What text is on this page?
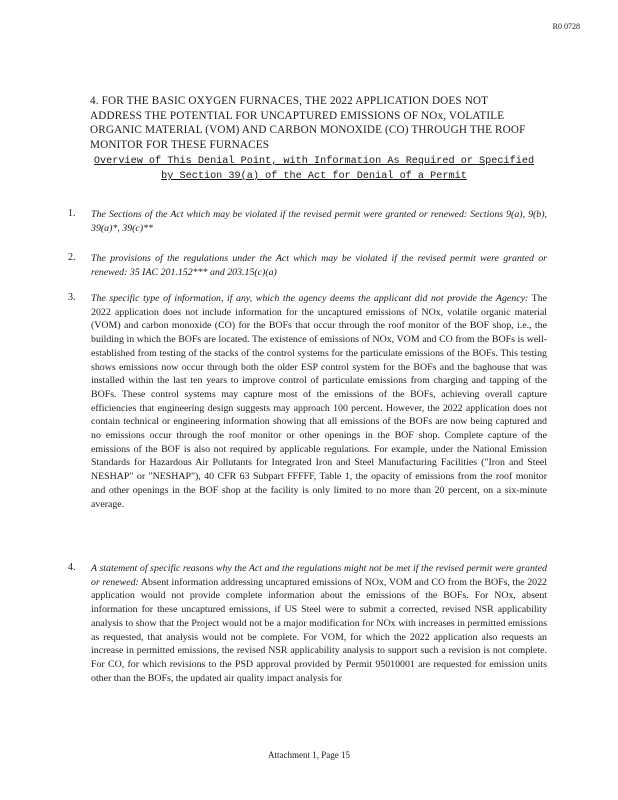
R0 0728
4. FOR THE BASIC OXYGEN FURNACES, THE 2022 APPLICATION DOES NOT ADDRESS THE POTENTIAL FOR UNCAPTURED EMISSIONS OF NOx, VOLATILE ORGANIC MATERIAL (VOM) AND CARBON MONOXIDE (CO) THROUGH THE ROOF MONITOR FOR THESE FURNACES
Overview of This Denial Point, with Information As Required or Specified by Section 39(a) of the Act for Denial of a Permit
1. The Sections of the Act which may be violated if the revised permit were granted or renewed: Sections 9(a), 9(b), 39(a)*, 39(c)**
2. The provisions of the regulations under the Act which may be violated if the revised permit were granted or renewed: 35 IAC 201.152*** and 203.15(c)(a)
3. The specific type of information, if any, which the agency deems the applicant did not provide the Agency: The 2022 application does not include information for the uncaptured emissions of NOx, volatile organic material (VOM) and carbon monoxide (CO) for the BOFs that occur through the roof monitor of the BOF shop, i.e., the building in which the BOFs are located. The existence of emissions of NOx, VOM and CO from the BOFs is well-established from testing of the stacks of the control systems for the particulate emissions of the BOFs. This testing shows emissions now occur through both the older ESP control system for the BOFs and the baghouse that was installed within the last ten years to improve control of particulate emissions from charging and tapping of the BOFs. These control systems may capture most of the emissions of the BOFs, achieving overall capture efficiencies that engineering design suggests may approach 100 percent. However, the 2022 application does not contain technical or engineering information showing that all emissions of the BOFs are now being captured and no emissions occur through the roof monitor or other openings in the BOF shop. Complete capture of the emissions of the BOF is also not required by applicable regulations. For example, under the National Emission Standards for Hazardous Air Pollutants for Integrated Iron and Steel Manufacturing Facilities ("Iron and Steel NESHAP" or "NESHAP"), 40 CFR 63 Subpart FFFFF, Table 1, the opacity of emissions from the roof monitor and other openings in the BOF shop at the facility is only limited to no more than 20 percent, on a six-minute average.
4. A statement of specific reasons why the Act and the regulations might not be met if the revised permit were granted or renewed: Absent information addressing uncaptured emissions of NOx, VOM and CO from the BOFs, the 2022 application would not provide complete information about the emissions of the BOFs. For NOx, absent information for these uncaptured emissions, if US Steel were to submit a corrected, revised NSR applicability analysis to show that the Project would not be a major modification for NOx with increases in permitted emissions as requested, that analysis would not be complete. For VOM, for which the 2022 application also requests an increase in permitted emissions, the revised NSR applicability analysis to support such a revision is not complete. For CO, for which revisions to the PSD approval provided by Permit 95010001 are requested for emission units other than the BOFs, the updated air quality impact analysis for
Attachment 1, Page 15
